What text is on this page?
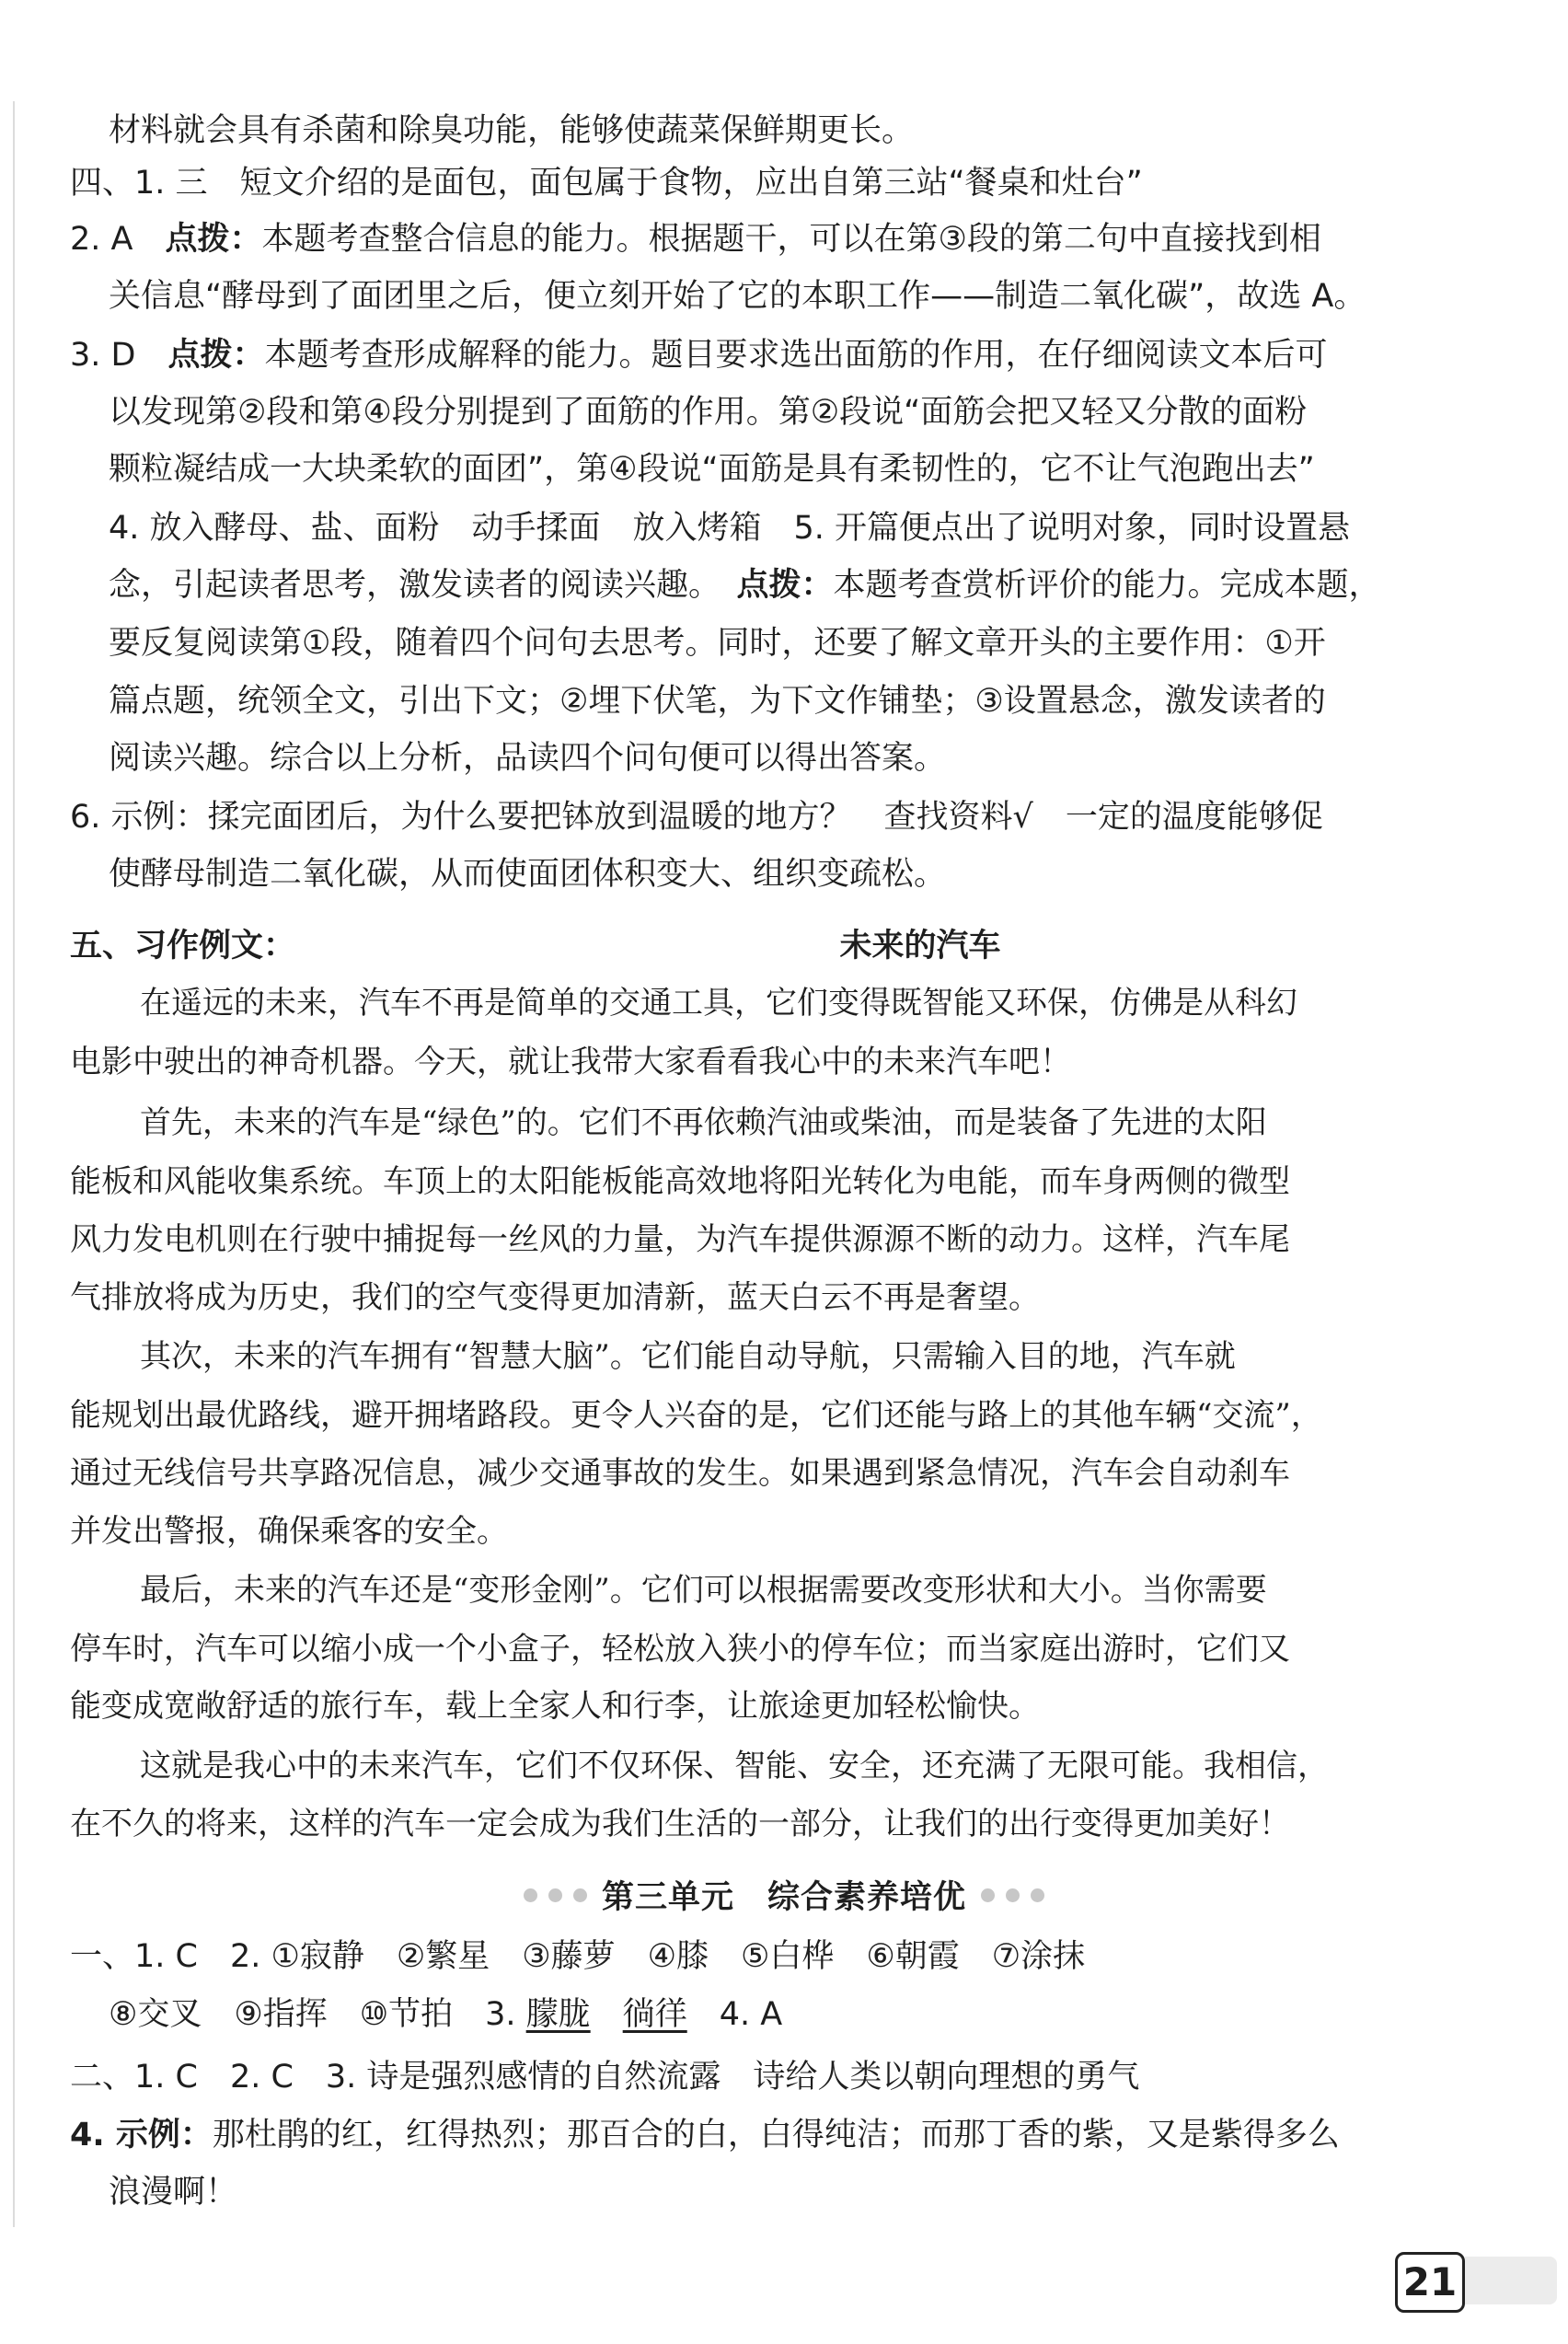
材料就会具有杀菌和除臭功能，能够使蔬菜保鲜期更长。
四、1. 三　短文介绍的是面包，面包属于食物，应出自第三站“餐桌和灶台”
2. A　点拨：本题考查整合信息的能力。根据题干，可以在第③段的第二句中直接找到相
关信息“酵母到了面团里之后，便立刻开始了它的本职工作——制造二氧化碳”，故选 A。
3. D　点拨：本题考查形成解释的能力。题目要求选出面筋的作用，在仔细阅读文本后可
以发现第②段和第④段分别提到了面筋的作用。第②段说“面筋会把又轻又分散的面粉
颗粒凝结成一大块柔软的面团”，第④段说“面筋是具有柔韧性的，它不让气泡跑出去”
4. 放入酵母、盐、面粉　动手揉面　放入烤箱　5. 开篇便点出了说明对象，同时设置悬
念，引起读者思考，激发读者的阅读兴趣。　点拨：本题考查赏析评价的能力。完成本题，
要反复阅读第①段，随着四个问句去思考。同时，还要了解文章开头的主要作用：①开
篇点题，统领全文，引出下文；②埋下伏笔，为下文作铺垫；③设置悬念，激发读者的
阅读兴趣。综合以上分析，品读四个问句便可以得出答案。
6. 示例：揉完面团后，为什么要把钵放到温暖的地方？　查找资料√　一定的温度能够促
使酵母制造二氧化碳，从而使面团体积变大、组织变疏松。
五、习作例文：	未来的汽车
在遥远的未来，汽车不再是简单的交通工具，它们变得既智能又环保，仿佛是从科幻
电影中驶出的神奇机器。今天，就让我带大家看看我心中的未来汽车吧！
首先，未来的汽车是“绿色”的。它们不再依赖汽油或柴油，而是装备了先进的太阳
能板和风能收集系统。车顶上的太阳能板能高效地将阳光转化为电能，而车身两侧的微型
风力发电机则在行驶中捕捉每一丝风的力量，为汽车提供源源不断的动力。这样，汽车尾
气排放将成为历史，我们的空气变得更加清新，蓝天白云不再是奢望。
其次，未来的汽车拥有“智慧大脑”。它们能自动导航，只需输入目的地，汽车就
能规划出最优路线，避开拥堵路段。更令人兴奋的是，它们还能与路上的其他车辆“交流”，
通过无线信号共享路况信息，减少交通事故的发生。如果遇到紧急情况，汽车会自动刹车
并发出警报，确保乘客的安全。
最后，未来的汽车还是“变形金刚”。它们可以根据需要改变形状和大小。当你需要
停车时，汽车可以缩小成一个小盒子，轻松放入狭小的停车位；而当家庭出游时，它们又
能变成宽敞舒适的旅行车，载上全家人和行李，让旅途更加轻松愉快。
这就是我心中的未来汽车，它们不仅环保、智能、安全，还充满了无限可能。我相信，
在不久的将来，这样的汽车一定会成为我们生活的一部分，让我们的出行变得更加美好！
第三单元　综合素养培优
一、1. C　2. ①寂静　②繁星　③藤萝　④膝　⑤白桦　⑥朝霞　⑦涂抹
⑧交叉　⑨指挥　⑩节拍　3. 朦胧　 徜徉　4. A
二、1. C　2. C　3. 诗是强烈感情的自然流露　诗给人类以朝向理想的勇气
4. 示例：那杜鹃的红，红得热烈；那百合的白，白得纯洁；而那丁香的紫，又是紫得多么
浪漫啊！
21
